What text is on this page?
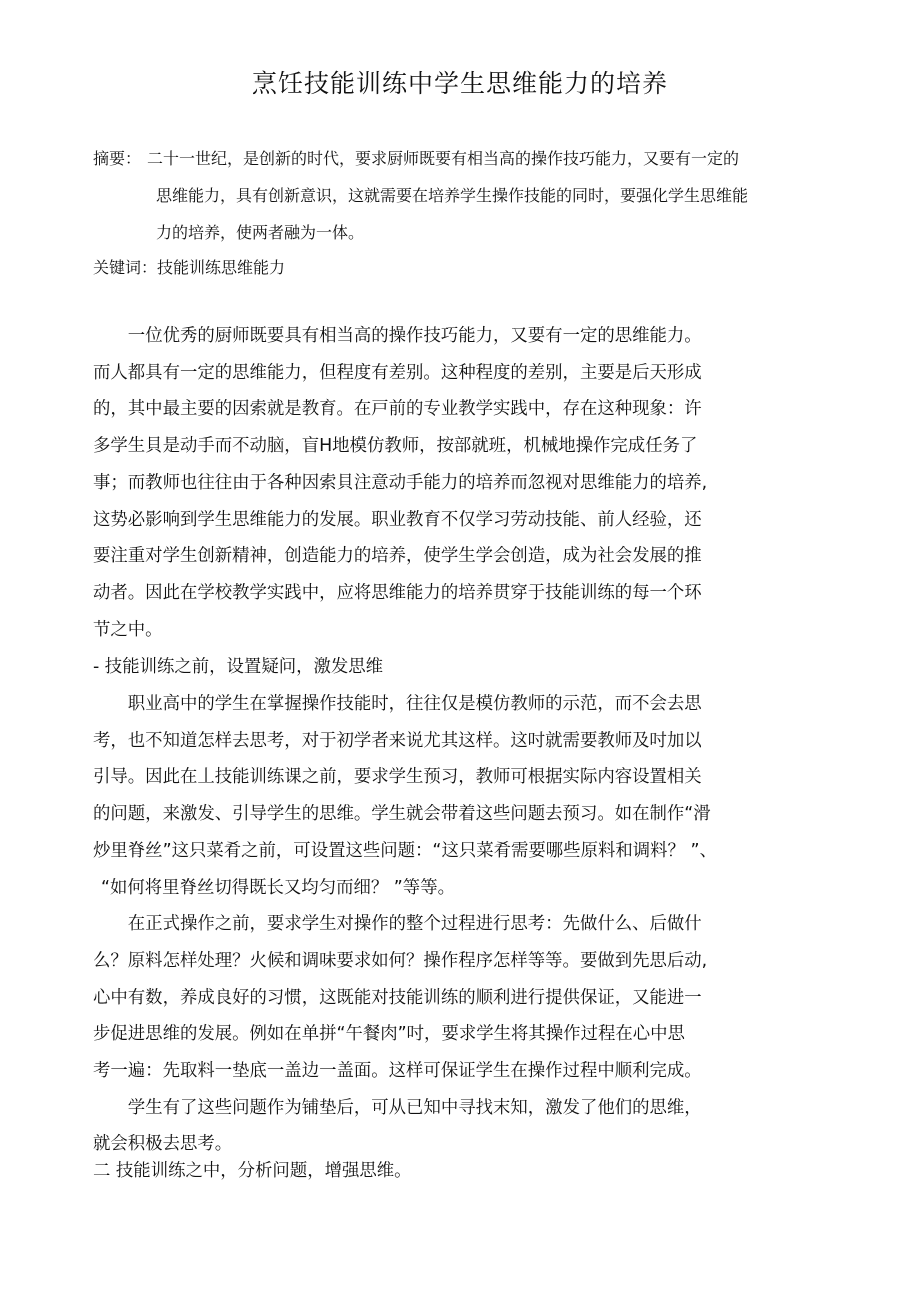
烹饪技能训练中学生思维能力的培养
摘要： 二十一世纪，是创新的时代，要求厨师既要有相当高的操作技巧能力，又要有一定的
思维能力，具有创新意识，这就需要在培养学生操作技能的同时，要强化学生思维能
力的培养，使两者融为一体。
关键词：技能训练思维能力

一位优秀的厨师既要具有相当高的操作技巧能力，又要有一定的思维能力。
而人都具有一定的思维能力，但程度有差别。这种程度的差别，主要是后天形成
的，其中最主要的因索就是教育。在戸前的专业教学实践中，存在这种现象：许
多学生貝是动手而不动脑，盲H地模仿教师，按部就班，机械地操作完成任务了
事；而教师也往往由于各种因索貝注意动手能力的培养而忽视对思维能力的培养,
这势必影响到学生思维能力的发展。职业教育不仅学习劳动技能、前人经验，还
要注重对学生创新精神，创造能力的培养，使学生学会创造，成为社会发展的推
动者。因此在学校教学实践中，应将思维能力的培养贯穿于技能训练的每一个环
节之中。

- 技能训练之前，设置疑问，激发思维

职业高中的学生在掌握操作技能时，往往仅是模仿教师的示范，而不会去思
考，也不知道怎样去思考，对于初学者来说尤其这样。这吋就需要教师及吋加以
引导。因此在丄技能训练课之前，要求学生预习，教师可根据实际内容设置相关
的问题，来激发、引导学生的思维。学生就会带着这些问题去预习。如在制作“滑
炒里脊丝”这只菜肴之前，可设置这些问题：“这只菜肴需要哪些原料和调料？ ”、
“如何将里脊丝切得既长又均匀而细？ ”等等。
在正式操作之前，要求学生对操作的整个过程进行思考：先做什么、后做什
么？原料怎样处理？火候和调味要求如何？操作程序怎样等等。要做到先思后动,
心中有数，养成良好的习惯，这既能对技能训练的顺利进行提供保证，又能进一
步促进思维的发展。例如在单拼“午餐肉”吋，要求学生将其操作过程在心中思
考一遍：先取料一垫底一盖边一盖面。这样可保证学生在操作过程中顺利完成。
学生有了这些问题作为铺垫后，可从已知中寻找末知，激发了他们的思维，
就会积极去思考。

二 技能训练之中，分析问题，增强思维。
